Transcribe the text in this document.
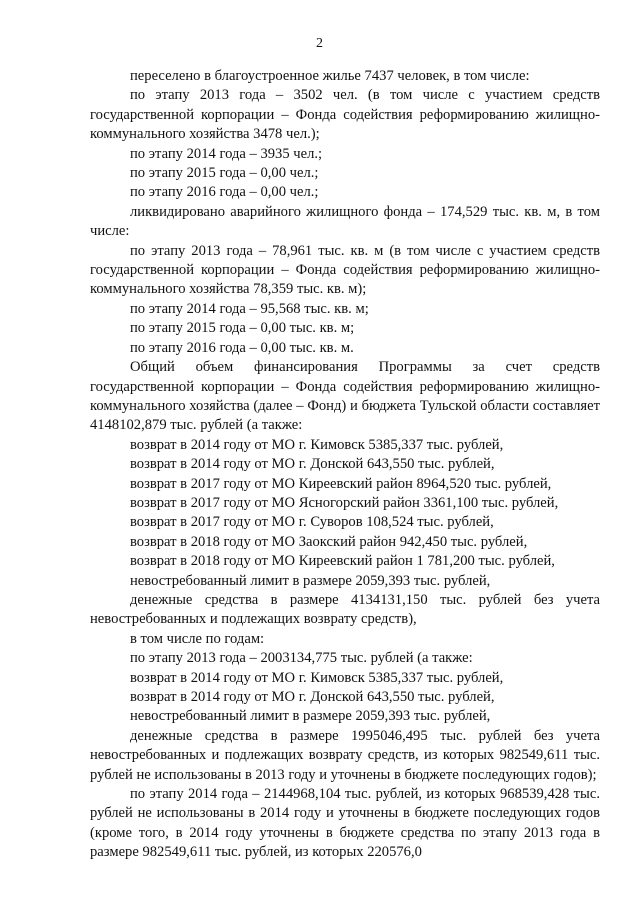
2

переселено в благоустроенное жилье 7437 человек, в том числе:

по этапу 2013 года – 3502 чел. (в том числе с участием средств государственной корпорации – Фонда содействия реформированию жилищно-коммунального хозяйства 3478 чел.);

по этапу 2014 года – 3935 чел.;

по этапу 2015 года – 0,00 чел.;

по этапу 2016 года – 0,00 чел.;

ликвидировано аварийного жилищного фонда – 174,529 тыс. кв. м, в том числе:

по этапу 2013 года – 78,961 тыс. кв. м (в том числе с участием средств государственной корпорации – Фонда содействия реформированию жилищно-коммунального хозяйства 78,359 тыс. кв. м);

по этапу 2014 года – 95,568 тыс. кв. м;

по этапу 2015 года – 0,00 тыс. кв. м;

по этапу 2016 года – 0,00 тыс. кв. м.

Общий объем финансирования Программы за счет средств государственной корпорации – Фонда содействия реформированию жилищно-коммунального хозяйства (далее – Фонд) и бюджета Тульской области составляет 4148102,879 тыс. рублей (а также:

возврат в 2014 году от МО г. Кимовск 5385,337 тыс. рублей,

возврат в 2014 году от МО г. Донской 643,550 тыс. рублей,

возврат в 2017 году от МО Киреевский район 8964,520 тыс. рублей,

возврат в 2017 году от МО Ясногорский район 3361,100 тыс. рублей,

возврат в 2017 году от МО г. Суворов 108,524 тыс. рублей,

возврат в 2018 году от МО Заокский район 942,450 тыс. рублей,

возврат в 2018 году от МО Киреевский район 1 781,200 тыс. рублей,

невостребованный лимит в размере 2059,393 тыс. рублей,

денежные средства в размере 4134131,150 тыс. рублей без учета невостребованных и подлежащих возврату средств),

в том числе по годам:

по этапу 2013 года – 2003134,775 тыс. рублей (а также:

возврат в 2014 году от МО г. Кимовск 5385,337 тыс. рублей,

возврат в 2014 году от МО г. Донской 643,550 тыс. рублей,

невостребованный лимит в размере 2059,393 тыс. рублей,

денежные средства в размере 1995046,495 тыс. рублей без учета невостребованных и подлежащих возврату средств, из которых 982549,611 тыс. рублей не использованы в 2013 году и уточнены в бюджете последующих годов);

по этапу 2014 года – 2144968,104 тыс. рублей, из которых 968539,428 тыс. рублей не использованы в 2014 году и уточнены в бюджете последующих годов (кроме того, в 2014 году уточнены в бюджете средства по этапу 2013 года в размере 982549,611 тыс. рублей, из которых 220576,0
